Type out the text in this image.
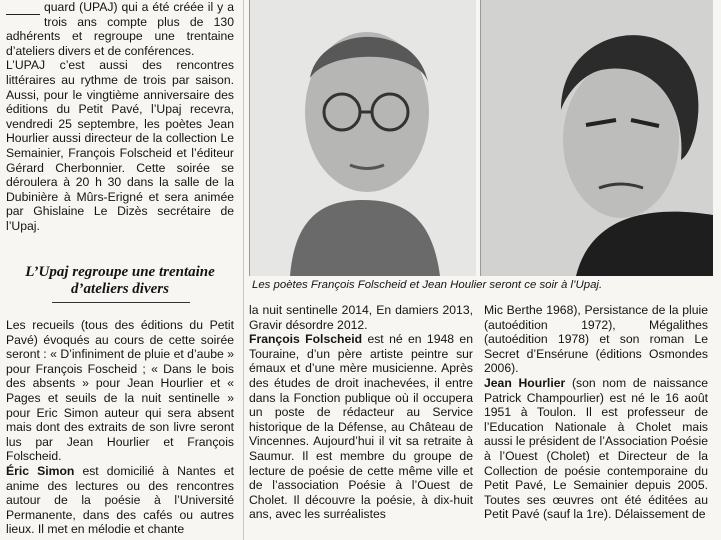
quard (UPAJ) qui a été créée il y a trois ans compte plus de 130 adhérents et regroupe une trentaine d’ateliers divers et de conférences.

L’UPAJ c’est aussi des rencontres littéraires au rythme de trois par saison. Aussi, pour le vingtième anniversaire des éditions du Petit Pavé, l’Upaj recevra, vendredi 25 septembre, les poètes Jean Hourlier aussi directeur de la collection Le Semainier, François Folscheid et l’éditeur Gérard Cherbonnier. Cette soirée se déroulera à 20 h 30 dans la salle de la Dubinière à Mûrs-Erigné et sera animée par Ghislaine Le Dizès secrétaire de l’Upaj.

L’Upaj regroupe une trentaine d’ateliers divers

Les recueils (tous des éditions du Petit Pavé) évoqués au cours de cette soirée seront : « D’infiniment de pluie et d’aube » pour François Foscheid ; « Dans le bois des absents » pour Jean Hourlier et « Pages et seuils de la nuit sentinelle » pour Eric Simon auteur qui sera absent mais dont des extraits de son livre seront lus par Jean Hourlier et François Folscheid.

Éric Simon est domicilié à Nantes et anime des lectures ou des rencontres autour de la poésie à l’Université Permanente, dans des cafés ou autres lieux. Il met en mélodie et chante

Les poètes François Folscheid et Jean Houlier seront ce soir à l’Upaj.

la nuit sentinelle 2014, En damiers 2013, Gravir désordre 2012.

François Folscheid est né en 1948 en Touraine, d’un père artiste peintre sur émaux et d’une mère musicienne. Après des études de droit inachevées, il entre dans la Fonction publique où il occupera un poste de rédacteur au Service historique de la Défense, au Château de Vincennes. Aujourd’hui il vit sa retraite à Saumur. Il est membre du groupe de lecture de poésie de cette même ville et de l’association Poésie à l’Ouest de Cholet. Il découvre la poésie, à dix-huit ans, avec les surréalistes

Mic Berthe 1968), Persistance de la pluie (autoédition 1972), Mégalithes (autoédition 1978) et son roman Le Secret d’Ensérune (éditions Osmondes 2006).

Jean Hourlier (son nom de naissance Patrick Champourlier) est né le 16 août 1951 à Toulon. Il est professeur de l’Education Nationale à Cholet mais aussi le président de l’Association Poésie à l’Ouest (Cholet) et Directeur de la Collection de poésie contemporaine du Petit Pavé, Le Semainier depuis 2005. Toutes ses œuvres ont été éditées au Petit Pavé (sauf la 1re). Délaissement de
